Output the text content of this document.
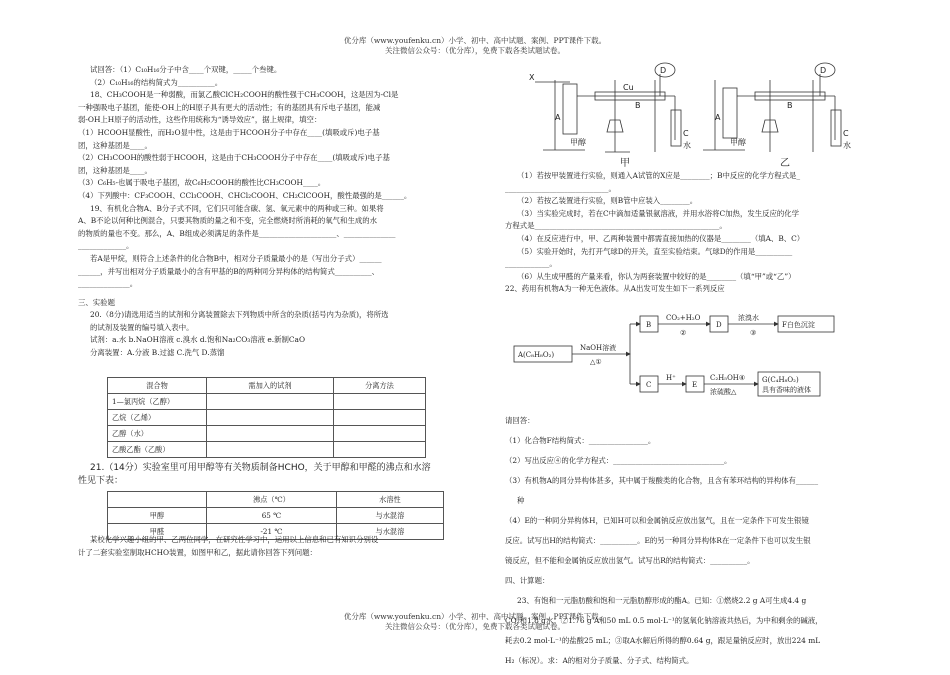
优分库（www.youfenku.cn）小学、初中、高中试题、案例、PPT课件下载。
关注微信公众号：（优分库），免费下载各类试题试卷。

试回答：（1）C₁₀H₁₆分子中含____个双键，_____个叁键。

（2）C₁₀H₁₆的结构简式为__________。

18、CH₃COOH是一种弱酸，而氯乙酸ClCH₂COOH的酸性强于CH₃COOH，这是因为-Cl是

一种强吸电子基团，能使-OH上的H原子具有更大的活动性；有的基团具有斥电子基团，能减

弱-OH上H原子的活动性，这些作用统称为“诱导效应”，据上规律，填空：

（1）HCOOH显酸性，而H₂O显中性，这是由于HCOOH分子中存在____(填吸或斥)电子基

团，这种基团是____。

（2）CH₃COOH的酸性弱于HCOOH，这是由于CH₃COOH分子中存在____(填吸或斥)电子基

团，这种基团是____。

（3）C₆H₅-也属于吸电子基团，故C₆H₅COOH的酸性比CH₃COOH____。

（4）下列酸中：CF₃COOH、CCl₃COOH、CHCl₂COOH、CH₂ClCOOH，酸性最强的是______。

19、有机化合物A、B分子式不同，它们只可能含碳、氢、氧元素中的两种或三种。如果将

A、B不论以何种比例混合，只要其物质的量之和不变，完全燃烧时所消耗的氧气和生成的水

的物质的量也不变。那么，A、B组成必须满足的条件是_____________________、______________

_____________。

若A是甲烷，则符合上述条件的化合物B中，相对分子质量最小的是（写出分子式）______

______，并写出相对分子质量最小的含有甲基的B的两种同分异构体的结构简式__________、

______________。

三、实验题

20.（8分)请选用适当的试剂和分离装置除去下列物质中所含的杂质(括号内为杂质)，将所选

的试剂及装置的编号填入表中。

试剂：a.水 b.NaOH溶液 c.溴水 d.饱和Na₂CO₃溶液 e.新制CaO

分离装置：A.分液 B.过滤 C.洗气 D.蒸馏

混合物	需加入的试剂	分离方法
1—氯丙烷（乙醇）		
乙烷（乙烯）		
乙醇（水）		
乙酸乙酯（乙酸）		

21.（14分）实验室里可用甲醇等有关物质制备HCHO，关于甲醇和甲醛的沸点和水溶

性见下表：

	沸点（℃）	水溶性
甲醇	65 ℃	与水混溶
甲醛	-21 ℃	与水混溶

某校化学兴趣小组的甲、乙两位同学，在研究性学习中，运用以上信息和已有知识分别设

计了二套实验室制取HCHO装置，如图甲和乙，据此请你回答下列问题：

X
A
甲醇
Cu
B
D
C
水
A
甲醇
B
D
C
水
甲	乙

（1）若按甲装置进行实验，则通入A试管的X应是________；B中反应的化学方程式是_

____________________________。

（2）若按乙装置进行实验，则B管中应装入________。

（3）当实验完成时，若在C中滴加适量银氨溶液，并用水浴将C加热，发生反应的化学

方程式是__________________________________________________。

（4）在反应进行中，甲、乙两种装置中都需直接加热的仪器是________（填A、B、C）

（5）实验开始时，先打开气球D的开关，直至实验结束。气球D的作用是__________

____________。

（6）从生成甲醛的产量来看，你认为两套装置中较好的是________（填“甲”或“乙”）

22、药用有机物A为一种无色液体。从A出发可发生如下一系列反应

A(C₈H₈O₂)
NaOH溶液
△①
B
CO₂+H₂O
②
D
浓溴水
③
F白色沉淀
C
H⁺
E
C₂H₅OH④
浓硫酸△
G(C₄H₈O₂)
具有香味的液体

请回答：

（1）化合物F结构简式：________________。

（2）写出反应④的化学方程式：______________________________。

（3）有机物A的同分异构体甚多，其中属于羧酸类的化合物，且含有苯环结构的异构体有______

种

（4）E的一种同分异构体H，已知H可以和金属钠反应放出氢气，且在一定条件下可发生银镜

反应。试写出H的结构简式：__________。E的另一种同分异构体R在一定条件下也可以发生银

镜反应，但不能和金属钠反应放出氢气。试写出R的结构简式：__________。

四、计算题：

23、有饱和一元脂肪酸和饱和一元脂肪醇形成的酯A。已知：①燃烧2.2 g A可生成4.4 g

CO₂和1.8 g水；②1.76 g A和50 mL 0.5 mol·L⁻¹的氢氧化钠溶液共热后，为中和剩余的碱液，

耗去0.2 mol·L⁻¹的盐酸25 mL；③取A水解后所得的醇0.64 g，跟足量钠反应时，放出224 mL

H₂（标况）。求：A的相对分子质量、分子式、结构简式。

优分库（www.youfenku.cn）小学、初中、高中试题、案例、PPT课件下载。
关注微信公众号：（优分库），免费下载各类试题试卷。
